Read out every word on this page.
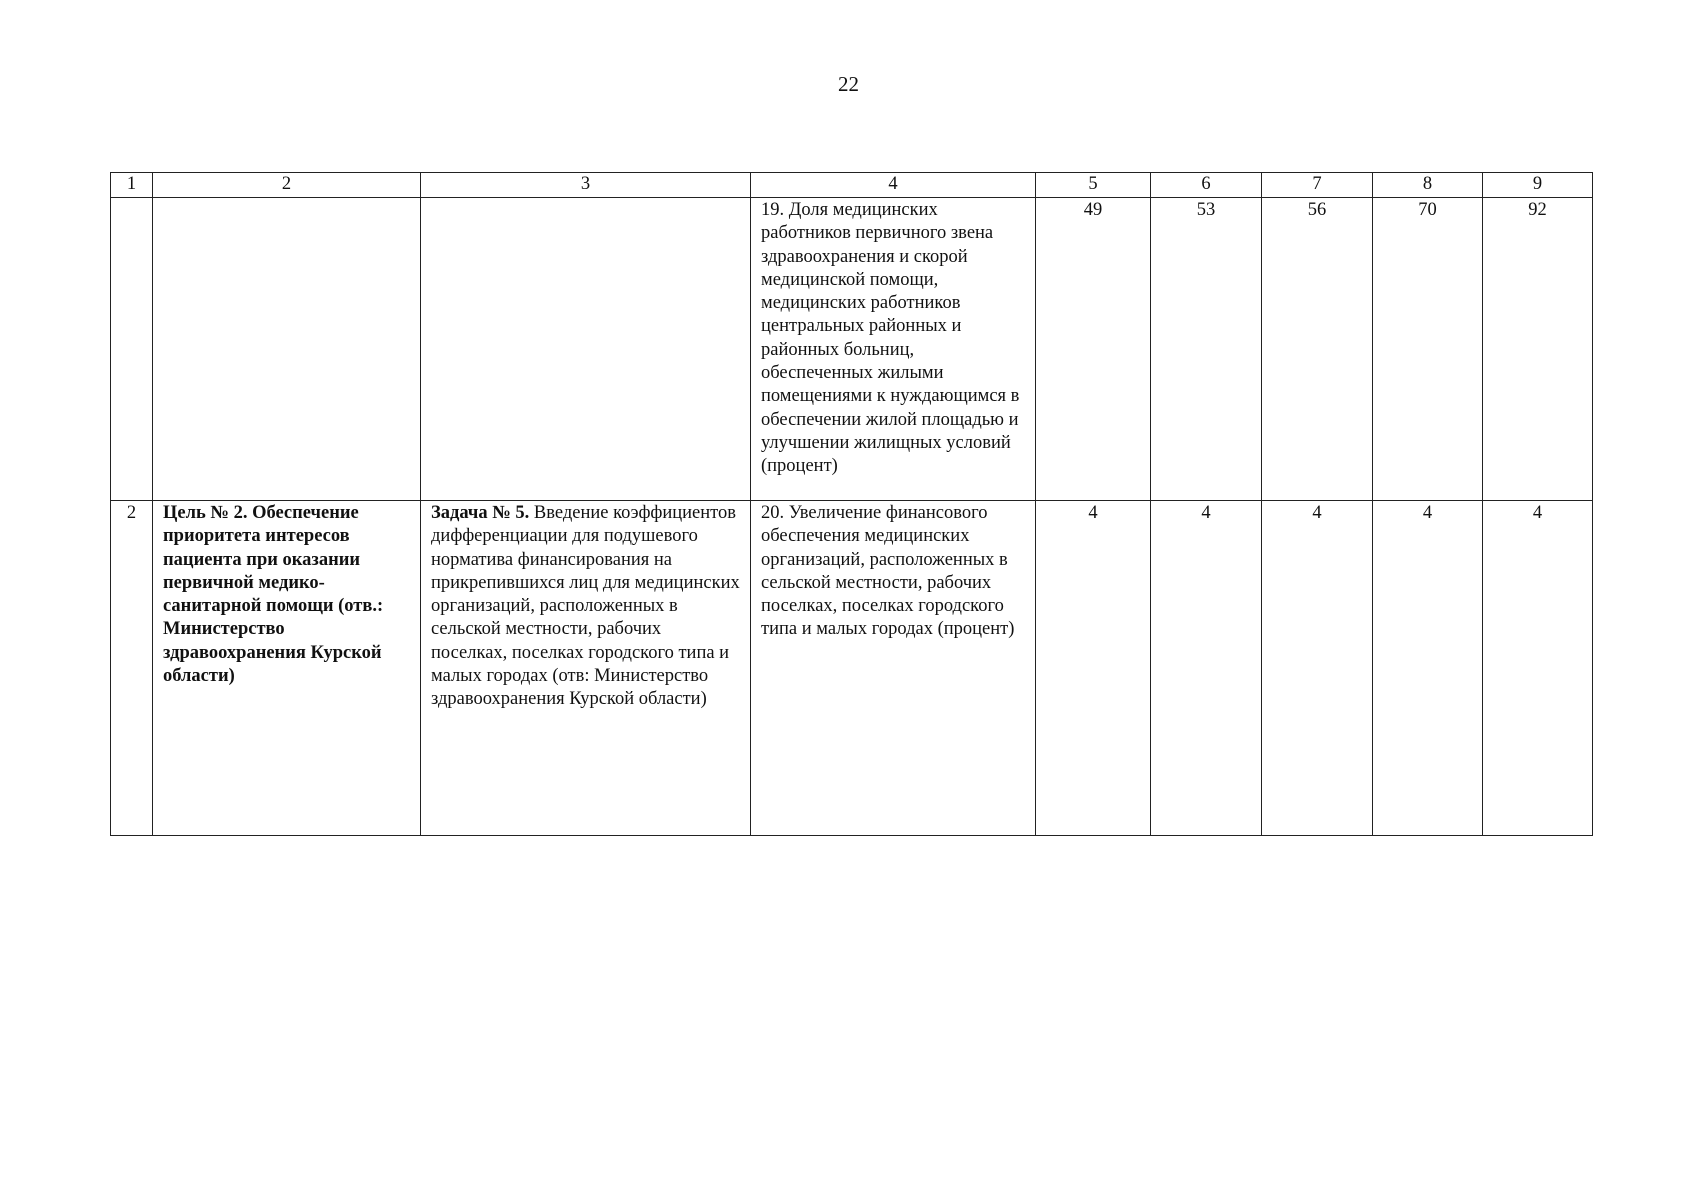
22
1	2	3	4	5	6	7	8	9
			19. Доля медицинских работников первичного звена здравоохранения и скорой медицинской помощи, медицинских работников центральных районных и районных больниц, обеспеченных жилыми помещениями к нуждающимся в обеспечении жилой площадью и улучшении жилищных условий (процент)	49	53	56	70	92
2	Цель № 2. Обеспечение приоритета интересов пациента при оказании первичной медико-санитарной помощи (отв.: Министерство здравоохранения Курской области)	Задача № 5. Введение коэффициентов дифференциации для подушевого норматива финансирования на прикрепившихся лиц для медицинских организаций, расположенных в сельской местности, рабочих поселках, поселках городского типа и малых городах (отв: Министерство здравоохранения Курской области)	20. Увеличение финансового обеспечения медицинских организаций, расположенных в сельской местности, рабочих поселках, поселках городского типа и малых городах (процент)	4	4	4	4	4
